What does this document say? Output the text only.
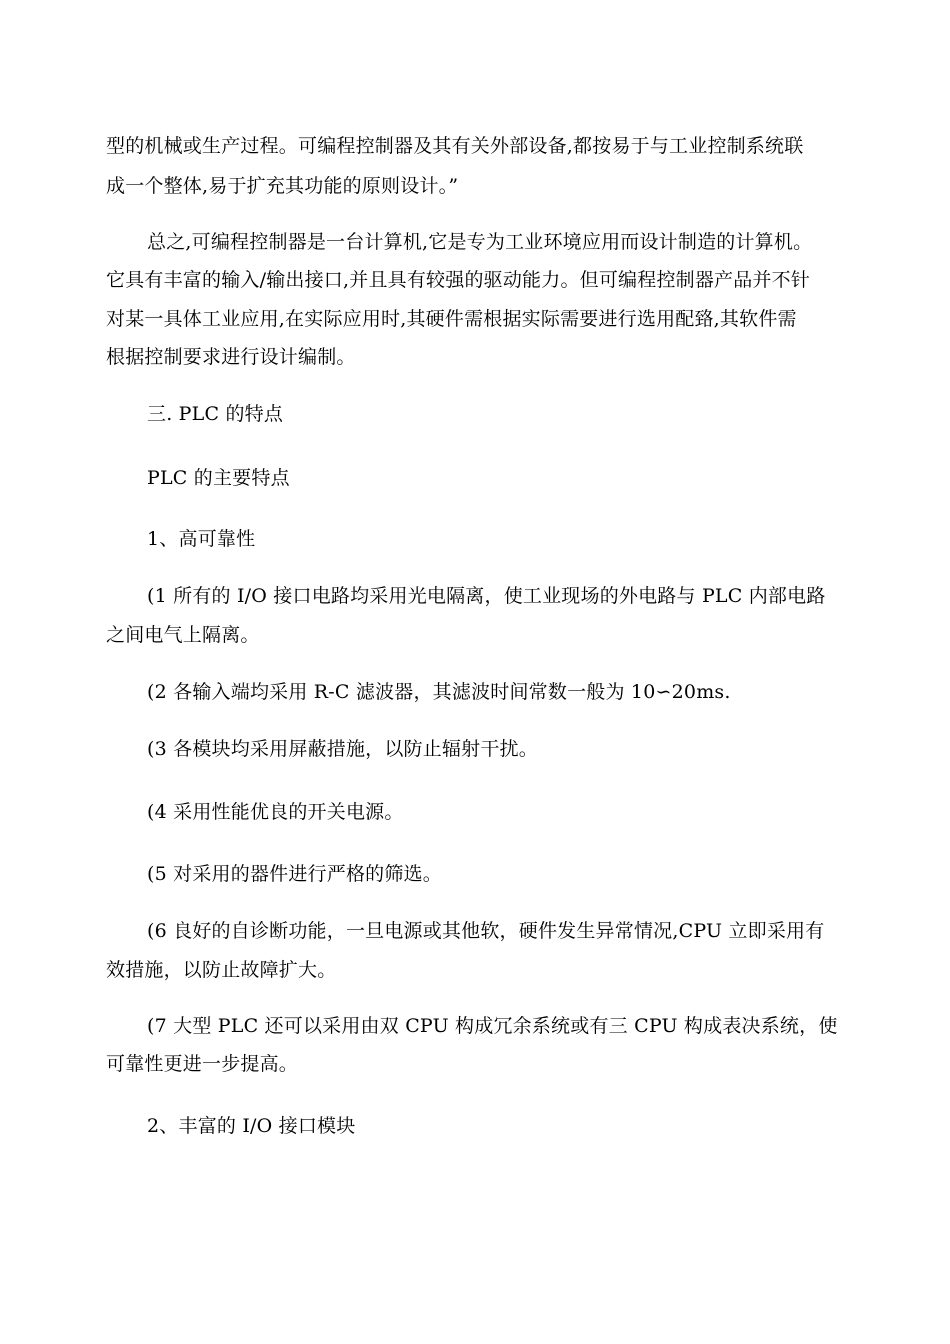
型的机械或生产过程。可编程控制器及其有关外部设备,都按易于与工业控制系统联
成一个整体,易于扩充其功能的原则设计。”
总之,可编程控制器是一台计算机,它是专为工业环境应用而设计制造的计算机。
它具有丰富的输入/输出接口,并且具有较强的驱动能力。但可编程控制器产品并不针
对某一具体工业应用,在实际应用时,其硬件需根据实际需要进行选用配臵,其软件需
根据控制要求进行设计编制。
三. PLC 的特点
PLC 的主要特点
1、高可靠性
(1 所有的 I/O 接口电路均采用光电隔离，使工业现场的外电路与 PLC 内部电路
之间电气上隔离。
(2 各输入端均采用 R-C 滤波器，其滤波时间常数一般为 10∽20ms.
(3 各模块均采用屏蔽措施，以防止辐射干扰。
(4 采用性能优良的开关电源。
(5 对采用的器件进行严格的筛选。
(6 良好的自诊断功能，一旦电源或其他软，硬件发生异常情况,CPU 立即采用有
效措施，以防止故障扩大。
(7 大型 PLC 还可以采用由双 CPU 构成冗余系统或有三 CPU 构成表决系统，使
可靠性更进一步提高。
2、丰富的 I/O 接口模块
